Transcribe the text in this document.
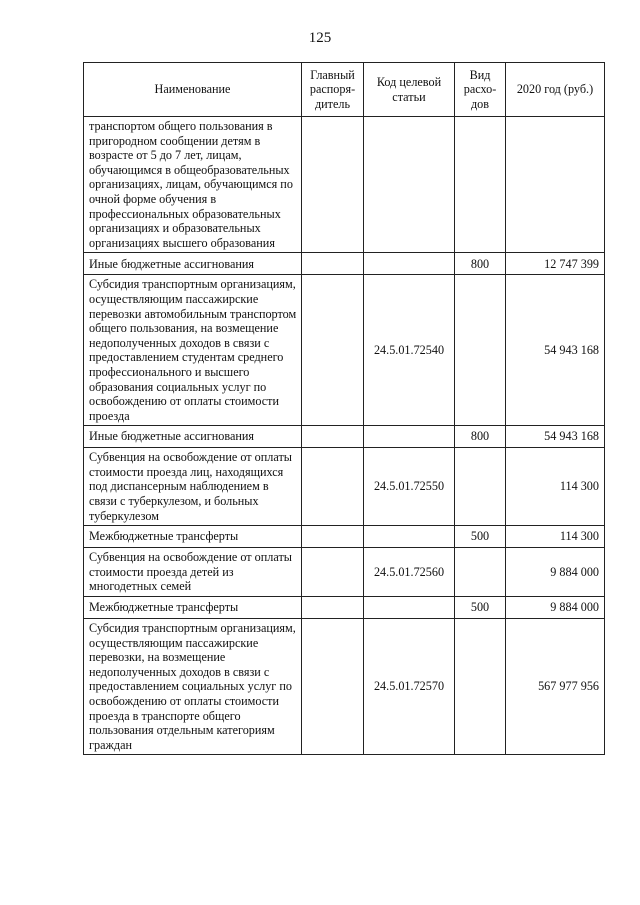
125
Наименование	Главный распоря-дитель	Код целевой статьи	Вид расхо-дов	2020 год (руб.)
транспортом общего пользования в пригородном сообщении детям в возрасте от 5 до 7 лет, лицам, обучающимся в общеобразовательных организациях, лицам, обучающимся по очной форме обучения в профессиональных образовательных организациях и образовательных организациях высшего образования				
Иные бюджетные ассигнования			800	12 747 399
Субсидия транспортным организациям, осуществляющим пассажирские перевозки автомобильным транспортом общего пользования, на возмещение недополученных доходов в связи с предоставлением студентам среднего профессионального и высшего образования социальных услуг по освобождению от оплаты стоимости проезда		24.5.01.72540		54 943 168
Иные бюджетные ассигнования			800	54 943 168
Субвенция на освобождение от оплаты стоимости проезда лиц, находящихся под диспансерным наблюдением в связи с туберкулезом, и больных туберкулезом		24.5.01.72550		114 300
Межбюджетные трансферты			500	114 300
Субвенция на освобождение от оплаты стоимости проезда детей из многодетных семей		24.5.01.72560		9 884 000
Межбюджетные трансферты			500	9 884 000
Субсидия транспортным организациям, осуществляющим пассажирские перевозки, на возмещение недополученных доходов в связи с предоставлением социальных услуг по освобождению от оплаты стоимости проезда в транспорте общего пользования отдельным категориям граждан		24.5.01.72570		567 977 956
